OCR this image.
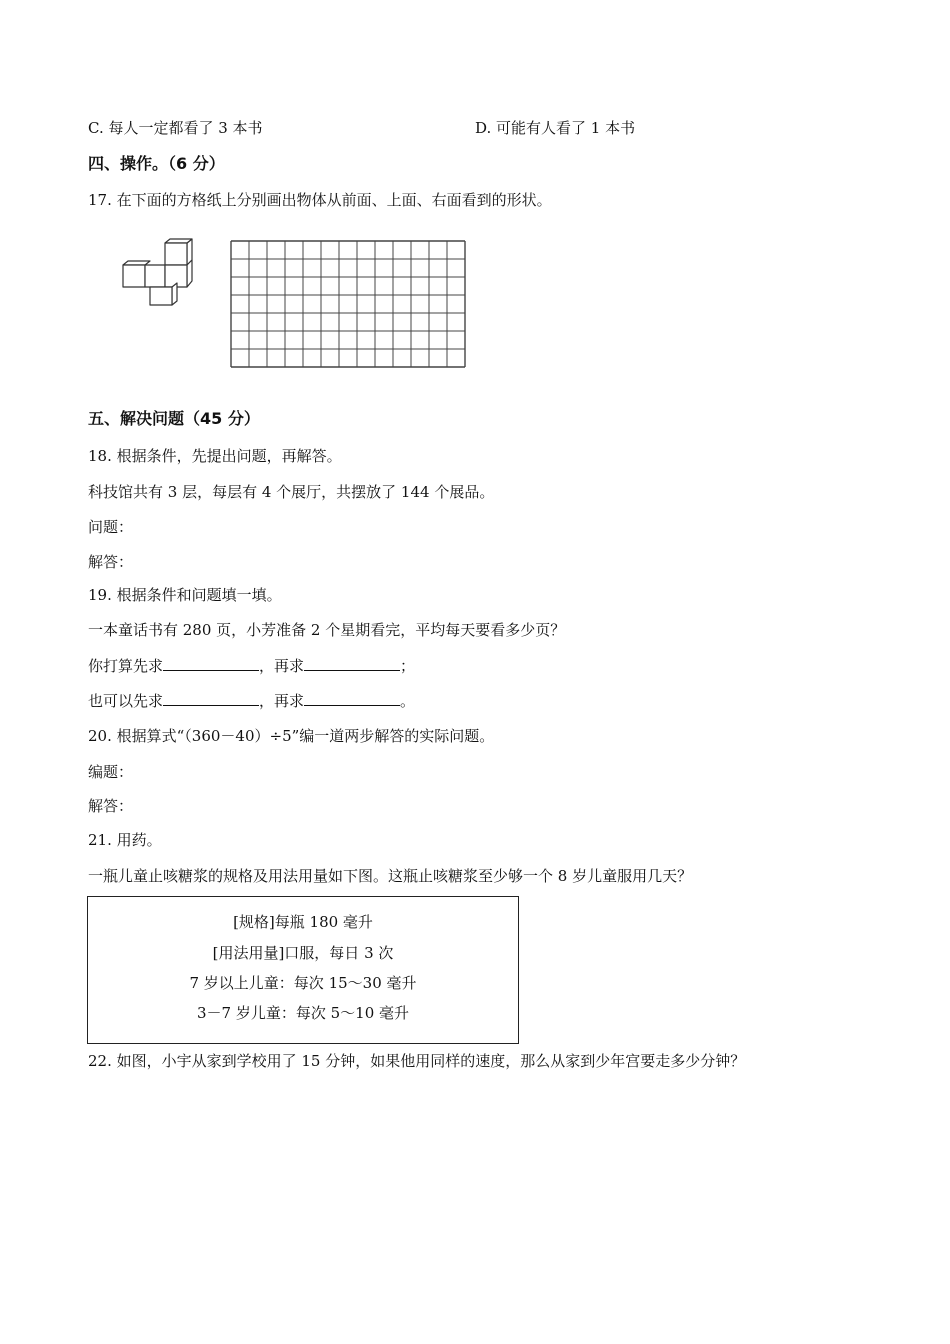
C. 每人一定都看了 3 本书	D. 可能有人看了 1 本书
四、操作。（6 分）
17. 在下面的方格纸上分别画出物体从前面、上面、右面看到的形状。
五、解决问题（45 分）
18. 根据条件，先提出问题，再解答。
科技馆共有 3 层，每层有 4 个展厅，共摆放了 144 个展品。
问题：
解答：
19. 根据条件和问题填一填。
一本童话书有 280 页，小芳准备 2 个星期看完，平均每天要看多少页？
你打算先求	，再求	；
也可以先求	，再求	。
20. 根据算式“（360－40）÷5”编一道两步解答的实际问题。
编题：
解答：
21. 用药。
一瓶儿童止咳糖浆的规格及用法用量如下图。这瓶止咳糖浆至少够一个 8 岁儿童服用几天？
[规格]每瓶 180 毫升
[用法用量]口服，每日 3 次
7 岁以上儿童：每次 15～30 毫升
3－7 岁儿童：每次 5～10 毫升
22. 如图，小宇从家到学校用了 15 分钟，如果他用同样的速度，那么从家到少年宫要走多少分钟？
